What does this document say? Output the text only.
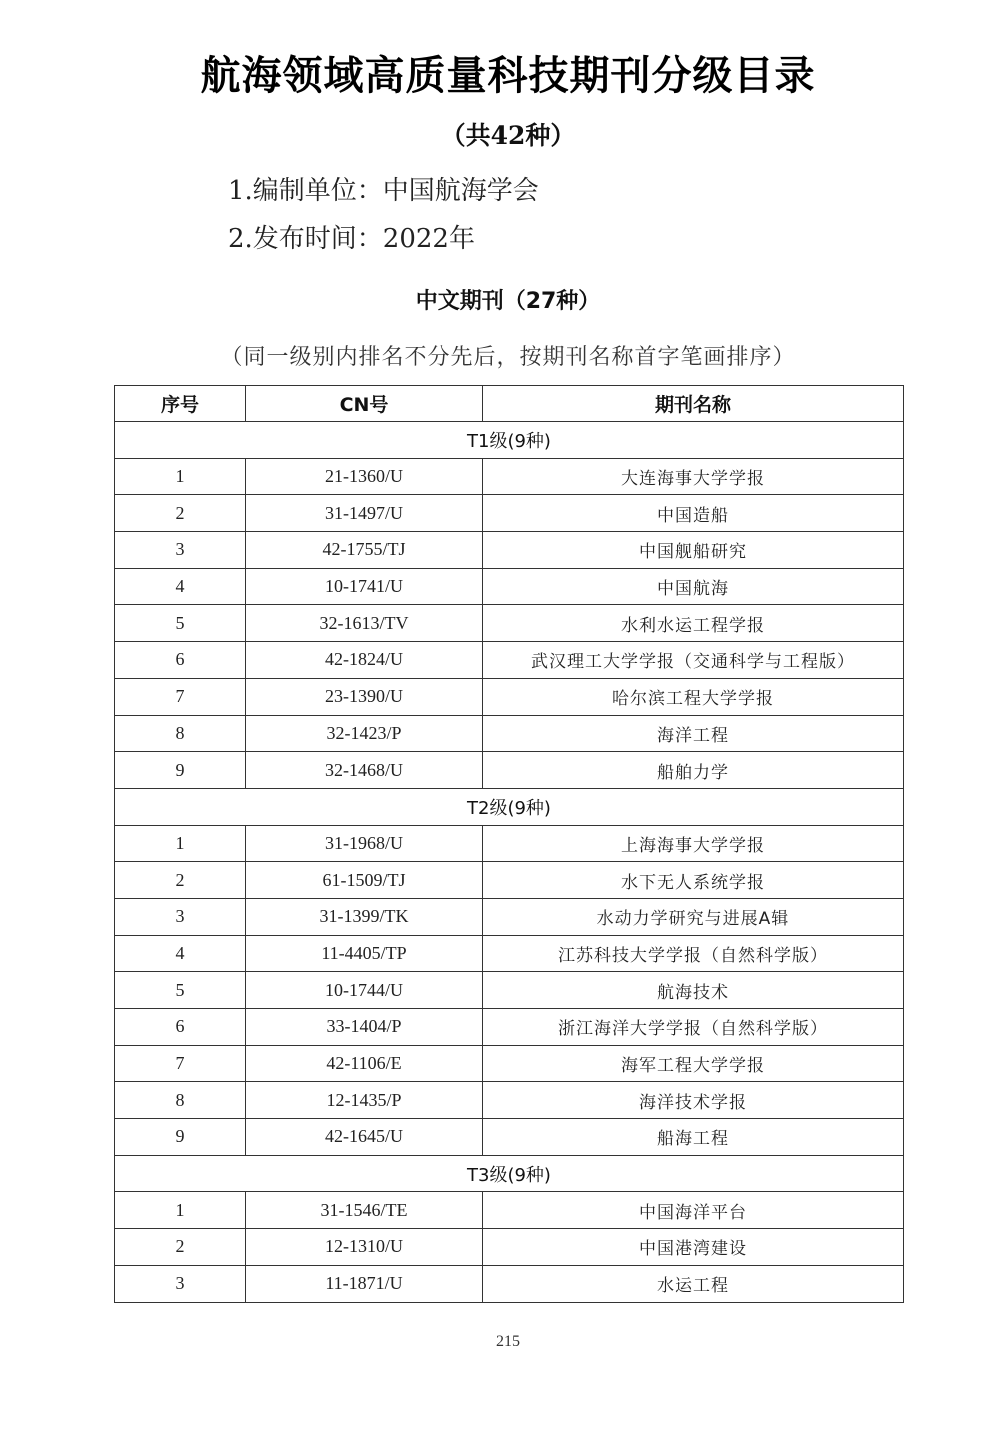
航海领域高质量科技期刊分级目录
（共42种）
1.编制单位：中国航海学会
2.发布时间：2022年
中文期刊（27种）
（同一级别内排名不分先后，按期刊名称首字笔画排序）
序号	CN号	期刊名称
T1级(9种)		
1	21-1360/U	大连海事大学学报
2	31-1497/U	中国造船
3	42-1755/TJ	中国舰船研究
4	10-1741/U	中国航海
5	32-1613/TV	水利水运工程学报
6	42-1824/U	武汉理工大学学报（交通科学与工程版）
7	23-1390/U	哈尔滨工程大学学报
8	32-1423/P	海洋工程
9	32-1468/U	船舶力学
T2级(9种)		
1	31-1968/U	上海海事大学学报
2	61-1509/TJ	水下无人系统学报
3	31-1399/TK	水动力学研究与进展A辑
4	11-4405/TP	江苏科技大学学报（自然科学版）
5	10-1744/U	航海技术
6	33-1404/P	浙江海洋大学学报（自然科学版）
7	42-1106/E	海军工程大学学报
8	12-1435/P	海洋技术学报
9	42-1645/U	船海工程
T3级(9种)		
1	31-1546/TE	中国海洋平台
2	12-1310/U	中国港湾建设
3	11-1871/U	水运工程
215
